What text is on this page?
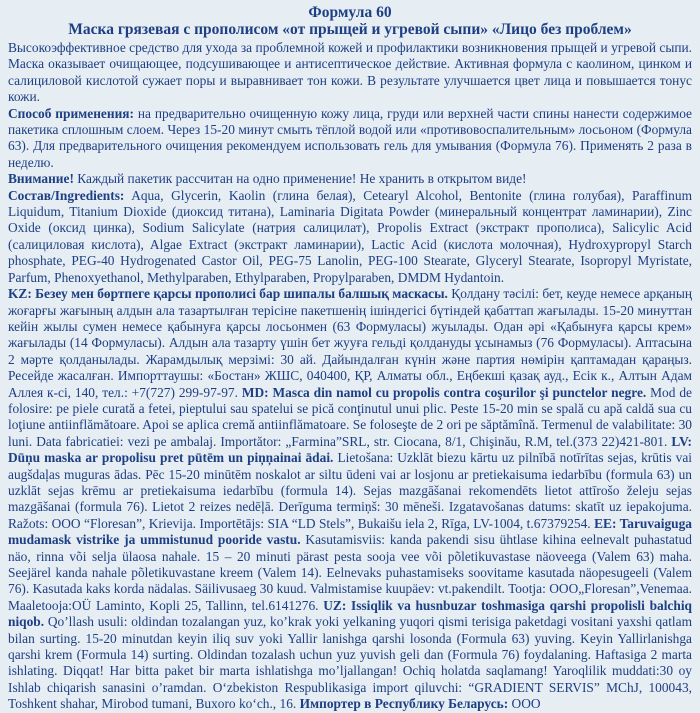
Формула 60
Маска грязевая с прополисом «от прыщей и угревой сыпи» «Лицо без проблем»

Высокоэффективное средство для ухода за проблемной кожей и профилактики возникновения прыщей и угревой сыпи. Маска оказывает очищающее, подсушивающее и антисептическое действие. Активная формула с каолином, цинком и салициловой кислотой сужает поры и выравнивает тон кожи. В результате улучшается цвет лица и повышается тонус кожи.

Способ применения: на предварительно очищенную кожу лица, груди или верхней части спины нанести содержимое пакетика сплошным слоем. Через 15-20 минут смыть тёплой водой или «противовоспалительным» лосьоном (Формула 63). Для предварительного очищения рекомендуем использовать гель для умывания (Формула 76). Применять 2 раза в неделю.

Внимание! Каждый пакетик рассчитан на одно применение! Не хранить в открытом виде!

Состав/Ingredients: Aqua, Glycerin, Kaolin (глина белая), Cetearyl Alcohol, Bentonite (глина голубая), Paraffinum Liquidum, Titanium Dioxide (диоксид титана), Laminaria Digitata Powder (минеральный концентрат ламинарии), Zinc Oxide (оксид цинка), Sodium Salicylate (натрия салицилат), Propolis Extract (экстракт прополиса), Salicylic Acid (салициловая кислота), Algae Extract (экстракт ламинарии), Lactic Acid (кислота молочная), Hydroxypropyl Starch phosphate, PEG-40 Hydrogenated Castor Oil, PEG-75 Lanolin, PEG-100 Stearate, Glyceryl Stearate, Isopropyl Myristate, Parfum, Phenoxyethanol, Methylparaben, Ethylparaben, Propylparaben, DMDM Hydantoin.

KZ: Безеу мен бөртпеге қарсы прополисі бар шипалы балшық маскасы. Қолдану тәсілі: бет, кеуде немесе арқаның жоғарғы жағының алдын ала тазартылған терісіне пакетшенің ішіндегісі бүтіндей қабаттап жағылады. 15-20 минуттан кейін жылы сумен немесе қабынуға қарсы лосьонмен (63 Формуласы) жуылады. Одан әрі «Қабынуға қарсы крем» жағылады (14 Формуласы). Алдын ала тазарту үшін бет жууға гельді қолдануды ұсынамыз (76 Формуласы). Аптасына 2 мәрте қолданылады. Жарамдылық мерзімі: 30 ай. Дайындалған күнін және партия нөмірін қаптамадан қараңыз. Ресейде жасалған. Импорттаушы: «Бостан» ЖШС, 040400, ҚР, Алматы обл., Еңбекші қазақ ауд., Есік к., Алтын Адам Аллея к-сі, 140, тел.: +7(727) 299-97-97. MD: Masca din namol cu propolis contra coşurilor şi punctelor negre. Mod de folosire: pe piele curată a fetei, pieptului sau spatelui se pică conţinutul unui plic. Peste 15-20 min se spală cu apă caldă sua cu loţiune antiinflămătoare. Apoi se aplica cremă antiinflămatoare. Se foloseşte de 2 ori pe săptămînă. Termenul de valabilitate: 30 luni. Data fabricatiei: vezi pe ambalaj. Importător: „Farmina”SRL, str. Ciocana, 8/1, Chişinău, R.M, tel.(373 22)421-801. LV: Dūņu maska ar propolisu pret pūtēm un piņņainai ādai. Lietošana: Uzklāt biezu kārtu uz pilnībā notīrītas sejas, krūtis vai augšdaļas muguras ādas. Pēc 15-20 minūtēm noskalot ar siltu ūdeni vai ar losjonu ar pretiekaisuma iedarbību (formula 63) un uzklāt sejas krēmu ar pretiekaisuma iedarbību (formula 14). Sejas mazgāšanai rekomendēts lietot attīrošo želeju sejas mazgāšanai (formula 76). Lietot 2 reizes nedēļā. Derīguma termiņš: 30 mēneši. Izgatavošanas datums: skatīt uz iepakojuma. Ražots: OOO “Floresan”, Krievija. Importētājs: SIA “LD Stels”, Bukaišu iela 2, Rīga, LV-1004, t.67379254. EE: Taruvaiguga mudamask vistrike ja ummistunud pooride vastu. Kasutamisviis: kanda pakendi sisu ühtlase kihina eelnevalt puhastatud näo, rinna või selja ülaosa nahale. 15 – 20 minuti pärast pesta sooja vee või põletikuvastase näoveega (Valem 63) maha. Seejärel kanda nahale põletikuvastane kreem (Valem 14). Eelnevaks puhastamiseks soovitame kasutada näopesugeeli (Valem 76). Kasutada kaks korda nädalas. Säilivusaeg 30 kuud. Valmistamise kuupäev: vt.pakendilt. Tootja: OOO„Floresan”,Venemaa. Maaletooja:OÜ Laminto, Kopli 25, Tallinn, tel.6141276. UZ: Issiqlik va husnbuzar toshmasiga qarshi propolisli balchiq niqob. Qo’llash usuli: oldindan tozalangan yuz, ko’krak yoki yelkaning yuqori qismi terisiga paketdagi vositani yaxshi qatlam bilan surting. 15-20 minutdan keyin iliq suv yoki Yallir lanishga qarshi losonda (Formula 63) yuving. Keyin Yallirlanishga qarshi krem (Formula 14) surting. Oldindan tozalash uchun yuz yuvish geli dan (Formula 76) foydalaning. Haftasiga 2 marta ishlating. Diqqat! Har bitta paket bir marta ishlatishga mo’ljallangan! Ochiq holatda saqlamang! Yaroqlilik muddati:30 oy Ishlab chiqarish sanasini o’ramdan. O‘zbekiston Respublikasiga import qiluvchi: “GRADIENT SERVIS” MChJ, 100043, Toshkent shahar, Mirobod tumani, Buxoro ko‘ch., 16. Импортер в Республику Беларусь: ООО
